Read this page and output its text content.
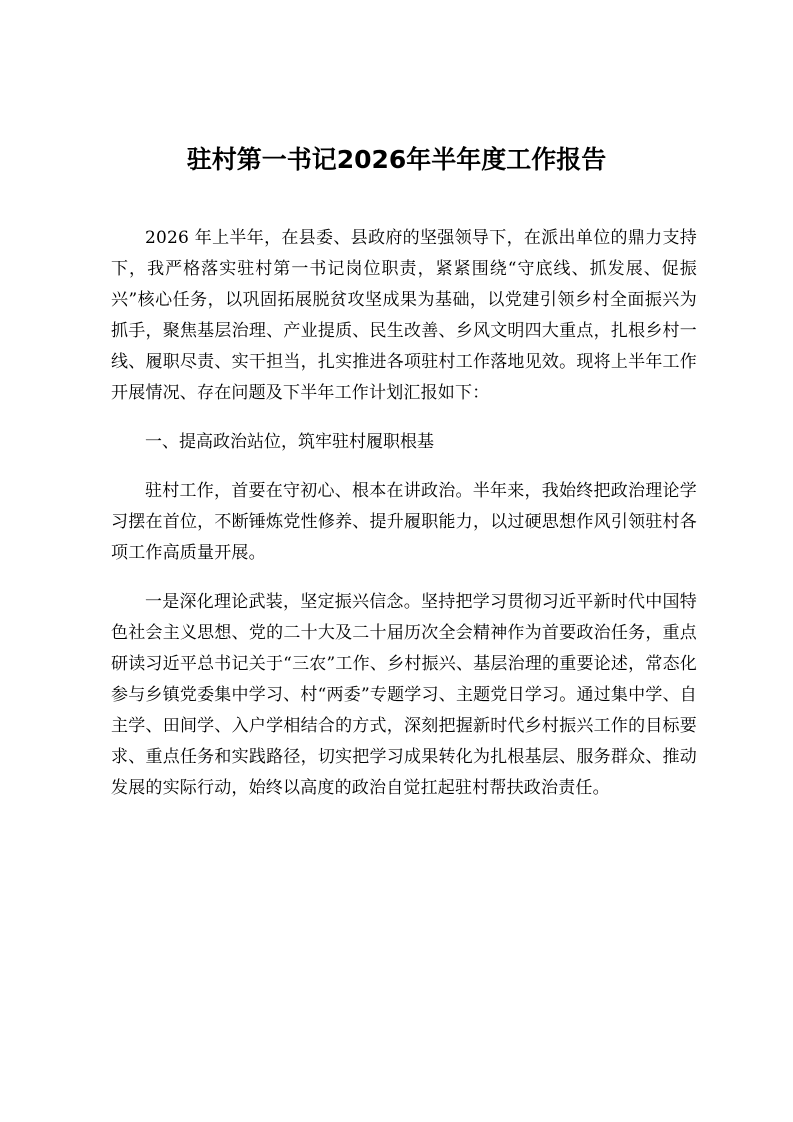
驻村第一书记2026年半年度工作报告

2026 年上半年，在县委、县政府的坚强领导下，在派出单位的鼎力支持下，我严格落实驻村第一书记岗位职责，紧紧围绕“守底线、抓发展、促振兴”核心任务，以巩固拓展脱贫攻坚成果为基础，以党建引领乡村全面振兴为抓手，聚焦基层治理、产业提质、民生改善、乡风文明四大重点，扎根乡村一线、履职尽责、实干担当，扎实推进各项驻村工作落地见效。现将上半年工作开展情况、存在问题及下半年工作计划汇报如下：

一、提高政治站位，筑牢驻村履职根基

驻村工作，首要在守初心、根本在讲政治。半年来，我始终把政治理论学习摆在首位，不断锤炼党性修养、提升履职能力，以过硬思想作风引领驻村各项工作高质量开展。

一是深化理论武装，坚定振兴信念。坚持把学习贯彻习近平新时代中国特色社会主义思想、党的二十大及二十届历次全会精神作为首要政治任务，重点研读习近平总书记关于“三农”工作、乡村振兴、基层治理的重要论述，常态化参与乡镇党委集中学习、村“两委”专题学习、主题党日学习。通过集中学、自主学、田间学、入户学相结合的方式，深刻把握新时代乡村振兴工作的目标要求、重点任务和实践路径，切实把学习成果转化为扎根基层、服务群众、推动发展的实际行动，始终以高度的政治自觉扛起驻村帮扶政治责任。
